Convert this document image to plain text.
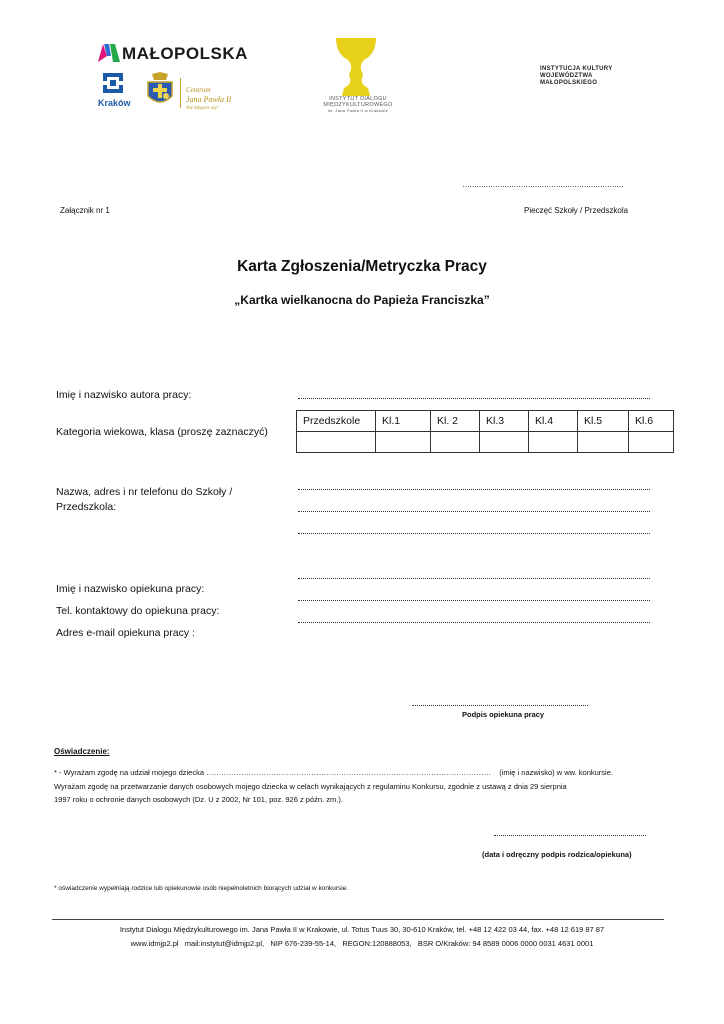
MAŁOPOLSKA
Kraków
Centrum
Jana Pawła II
Nie lękajcie się!
INSTYTUT DIALOGU
MIĘDZYKULTUROWEGO
im. Jana Pawła II w Krakowie
INSTYTUCJA KULTURY
WOJEWÓDZTWA
MAŁOPOLSKIEGO
……………………………………………………………
Załącznik nr 1	Pieczęć Szkoły / Przedszkola
Karta Zgłoszenia/Metryczka Pracy
„Kartka wielkanocna do Papieża Franciszka”
Imię i nazwisko autora pracy:
Kategoria wiekowa, klasa (proszę zaznaczyć)
Przedszkole	Kl.1	Kl. 2	Kl.3	Kl.4	Kl.5	Kl.6

Nazwa, adres i nr telefonu do Szkoły /
Przedszkola:
Imię i nazwisko opiekuna pracy:
Tel. kontaktowy do opiekuna pracy:
Adres e-mail opiekuna pracy :
Podpis opiekuna pracy
Oświadczenie:
* - Wyrażam zgodę na udział mojego dziecka …………………………………………………………………………………………………… (imię i nazwisko) w ww. konkursie.
Wyrażam zgodę na przetwarzanie danych osobowych mojego dziecka w celach wynikających z regulaminu Konkursu, zgodnie z ustawą z dnia 29 sierpnia
1997 roku o ochronie danych osobowych (Dz. U z 2002, Nr 101, poz. 926 z późn. zm.).
(data i odręczny podpis rodzica/opiekuna)
* oświadczenie wypełniają rodzice lub opiekunowie osób niepełnoletnich biorących udział w konkursie.
Instytut Dialogu Międzykulturowego im. Jana Pawła II w Krakowie, ul. Totus Tuus 30, 30-610 Kraków, tel. +48 12 422 03 44, fax. +48 12 619 87 87
www.idmjp2.pl   mail:instytut@idmjp2.pl,   NIP 676-239-55-14,   REGON:120888053,   BSR O/Kraków: 94 8589 0006 0000 0031 4631 0001
